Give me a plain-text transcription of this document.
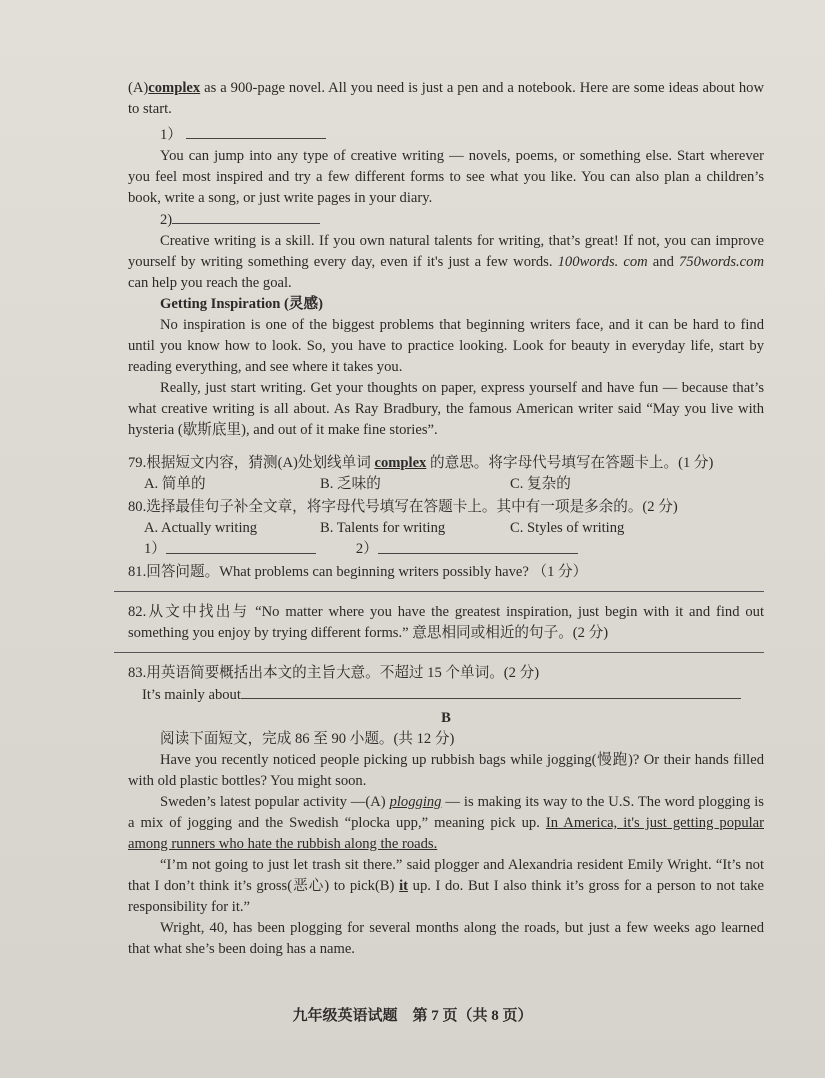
(A)complex as a 900-page novel. All you need is just a pen and a notebook. Here are some ideas about how to start.

1）

You can jump into any type of creative writing — novels, poems, or something else. Start wherever you feel most inspired and try a few different forms to see what you like. You can also plan a children’s book, write a song, or just write pages in your diary.

2)

Creative writing is a skill. If you own natural talents for writing, that’s great! If not, you can improve yourself by writing something every day, even if it's just a few words. 100words. com and 750words.com can help you reach the goal.

Getting Inspiration (灵感)

No inspiration is one of the biggest problems that beginning writers face, and it can be hard to find until you know how to look. So, you have to practice looking. Look for beauty in everyday life, start by reading everything, and see where it takes you.

Really, just start writing. Get your thoughts on paper, express yourself and have fun — because that’s what creative writing is all about. As Ray Bradbury, the famous American writer said “May you live with hysteria (歇斯底里), and out of it make fine stories”.

79.根据短文内容，猜测(A)处划线单词 complex 的意思。将字母代号填写在答题卡上。(1 分)

A. 简单的	B. 乏味的	C. 复杂的

80.选择最佳句子补全文章，将字母代号填写在答题卡上。其中有一项是多余的。(2 分)

A. Actually writing	B. Talents for writing	C. Styles of writing
1）	2）

81.回答问题。What problems can beginning writers possibly have? （1 分）

82.从文中找出与 “No matter where you have the greatest inspiration, just begin with it and find out something you enjoy by trying different forms.” 意思相同或相近的句子。(2 分)

83.用英语简要概括出本文的主旨大意。不超过 15 个单词。(2 分)

It’s mainly about

B

阅读下面短文，完成 86 至 90 小题。(共 12 分)

Have you recently noticed people picking up rubbish bags while jogging(慢跑)? Or their hands filled with old plastic bottles? You might soon.

Sweden’s latest popular activity —(A) plogging — is making its way to the U.S. The word plogging is a mix of jogging and the Swedish “plocka upp,” meaning pick up. In America, it's just getting popular among runners who hate the rubbish along the roads.

“I’m not going to just let trash sit there.” said plogger and Alexandria resident Emily Wright. “It’s not that I don’t think it’s gross(恶心) to pick(B) it up. I do. But I also think it’s gross for a person to not take responsibility for it.”

Wright, 40, has been plogging for several months along the roads, but just a few weeks ago learned that what she’s been doing has a name.

九年级英语试题　第 7 页（共 8 页）
